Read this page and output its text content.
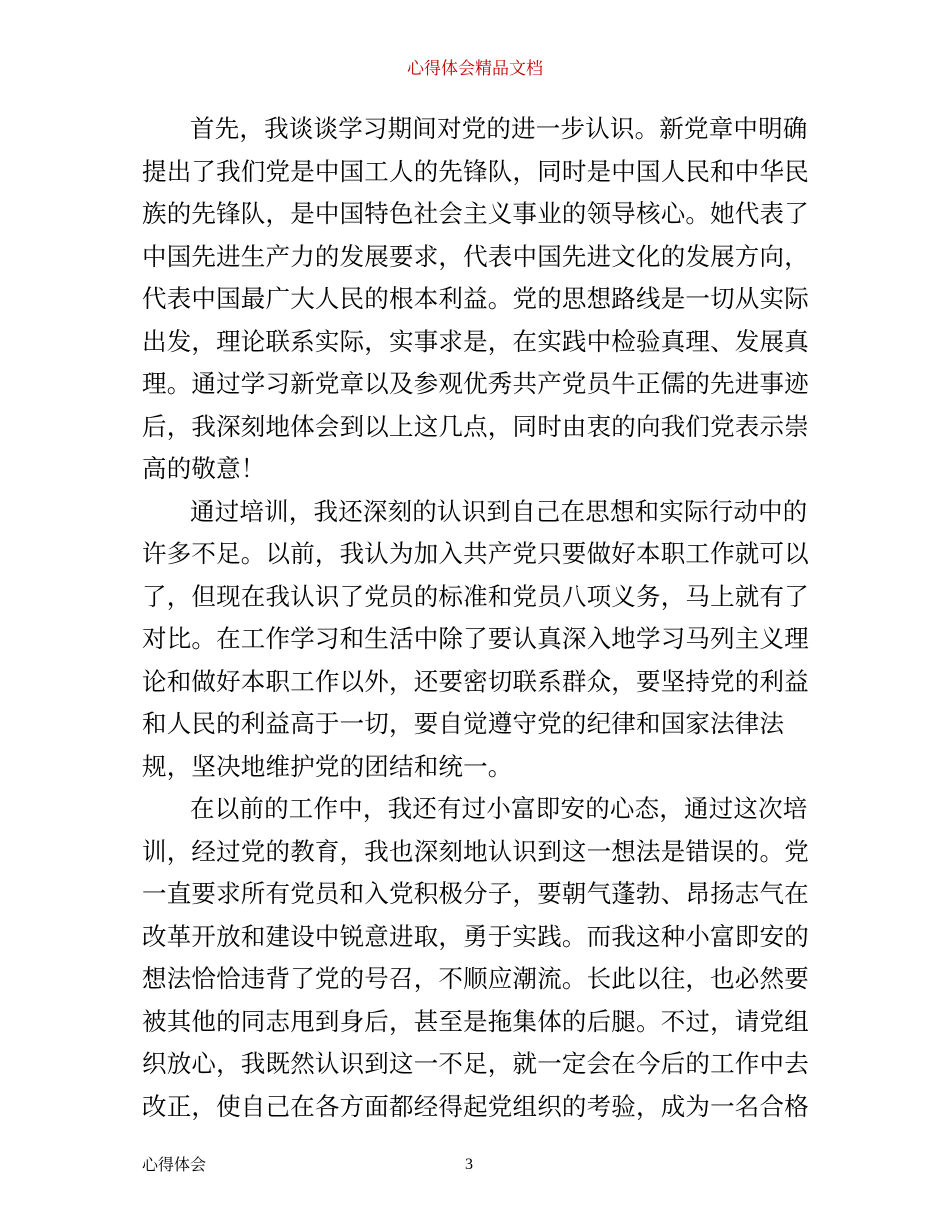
心得体会精品文档
首先，我谈谈学习期间对党的进一步认识。新党章中明确
提出了我们党是中国工人的先锋队，同时是中国人民和中华民
族的先锋队，是中国特色社会主义事业的领导核心。她代表了
中国先进生产力的发展要求，代表中国先进文化的发展方向，
代表中国最广大人民的根本利益。党的思想路线是一切从实际
出发，理论联系实际，实事求是，在实践中检验真理、发展真
理。通过学习新党章以及参观优秀共产党员牛正儒的先进事迹
后，我深刻地体会到以上这几点，同时由衷的向我们党表示崇
高的敬意！
通过培训，我还深刻的认识到自己在思想和实际行动中的
许多不足。以前，我认为加入共产党只要做好本职工作就可以
了，但现在我认识了党员的标准和党员八项义务，马上就有了
对比。在工作学习和生活中除了要认真深入地学习马列主义理
论和做好本职工作以外，还要密切联系群众，要坚持党的利益
和人民的利益高于一切，要自觉遵守党的纪律和国家法律法
规，坚决地维护党的团结和统一。
在以前的工作中，我还有过小富即安的心态，通过这次培
训，经过党的教育，我也深刻地认识到这一想法是错误的。党
一直要求所有党员和入党积极分子，要朝气蓬勃、昂扬志气在
改革开放和建设中锐意进取，勇于实践。而我这种小富即安的
想法恰恰违背了党的号召，不顺应潮流。长此以往，也必然要
被其他的同志甩到身后，甚至是拖集体的后腿。不过，请党组
织放心，我既然认识到这一不足，就一定会在今后的工作中去
改正，使自己在各方面都经得起党组织的考验，成为一名合格
心得体会	3
